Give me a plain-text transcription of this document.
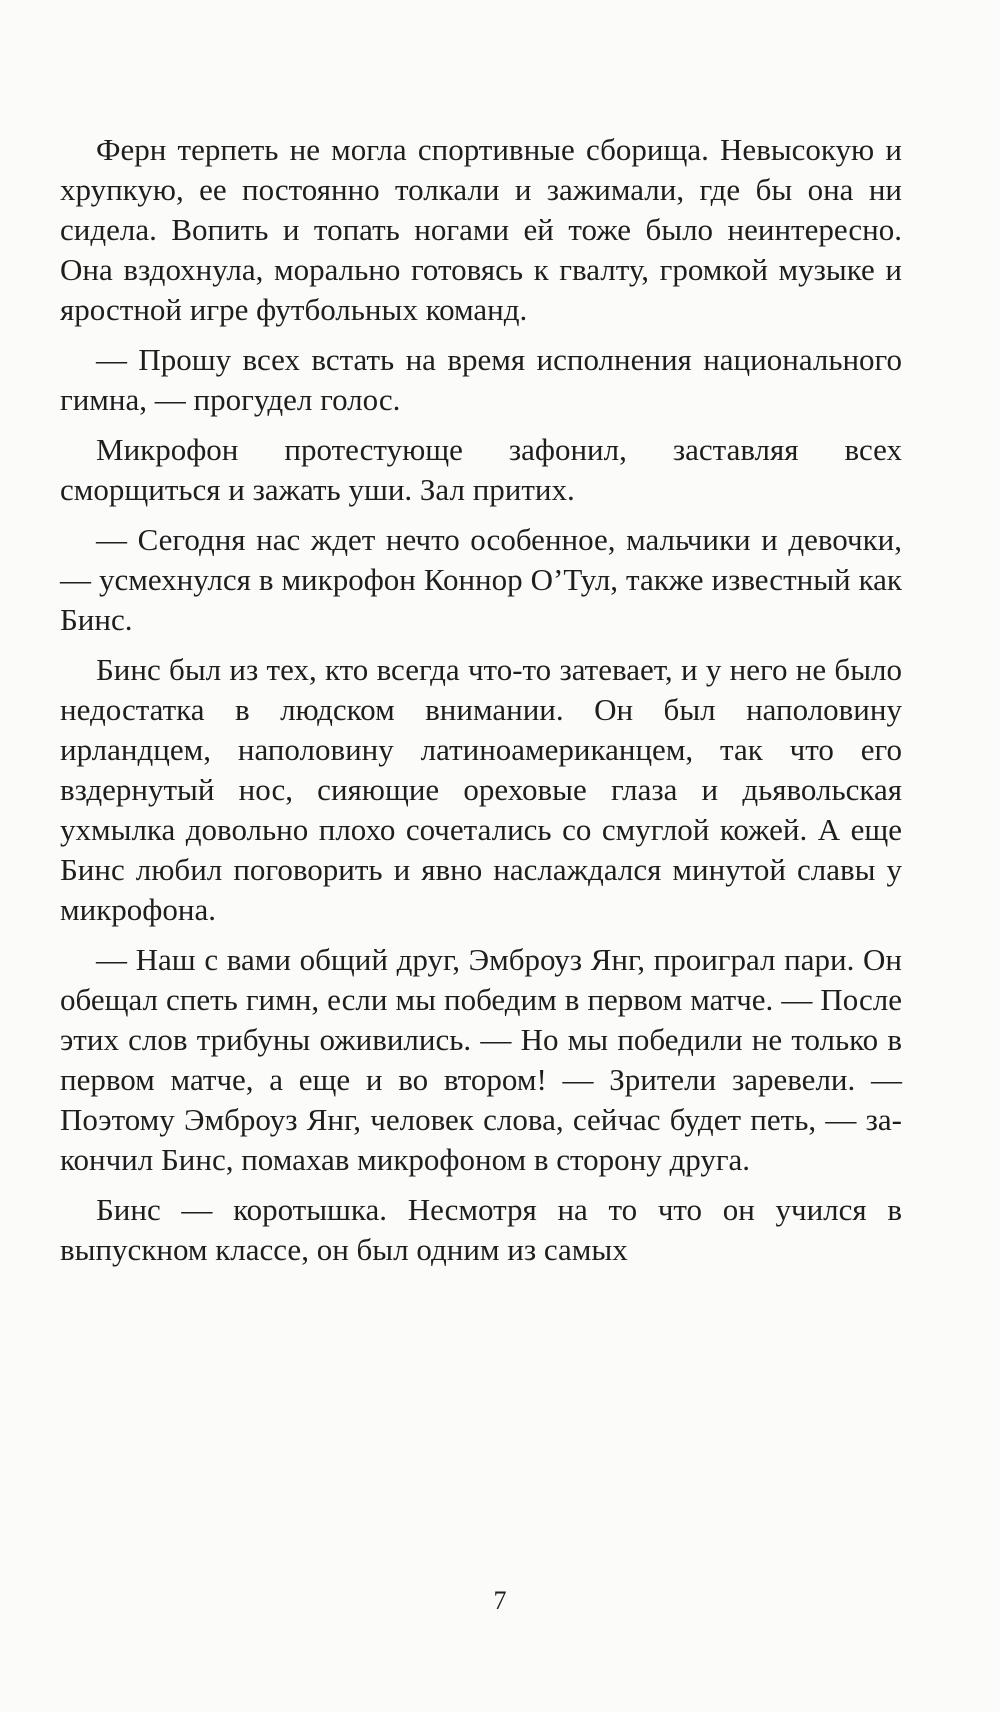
Ферн терпеть не могла спортивные сборища. Невысокую и хрупкую, ее постоянно толкали и зажимали, где бы она ни сидела. Вопить и топать ногами ей тоже было неинтересно. Она вздохнула, морально готовясь к гвалту, громкой музыке и яростной игре футбольных команд.

— Прошу всех встать на время исполнения национального гимна, — прогудел голос.

Микрофон протестующе зафонил, заставляя всех сморщиться и зажать уши. Зал притих.

— Сегодня нас ждет нечто особенное, мальчики и девочки, — усмехнулся в микрофон Коннор О’Тул, также известный как Бинс.

Бинс был из тех, кто всегда что-то затевает, и у него не было недостатка в людском внимании. Он был наполовину ирландцем, наполовину латиноамериканцем, так что его вздернутый нос, сияющие ореховые глаза и дьявольская ухмылка довольно плохо сочетались со смуглой кожей. А еще Бинс любил поговорить и явно наслаждался минутой славы у микрофона.

— Наш с вами общий друг, Эмброуз Янг, проиграл пари. Он обещал спеть гимн, если мы победим в первом матче. — После этих слов трибуны оживились. — Но мы победили не только в первом матче, а еще и во втором! — Зрители заревели. — Поэтому Эмброуз Янг, человек слова, сейчас будет петь, — закончил Бинс, помахав микрофоном в сторону друга.

Бинс — коротышка. Несмотря на то что он учился в выпускном классе, он был одним из самых

7
